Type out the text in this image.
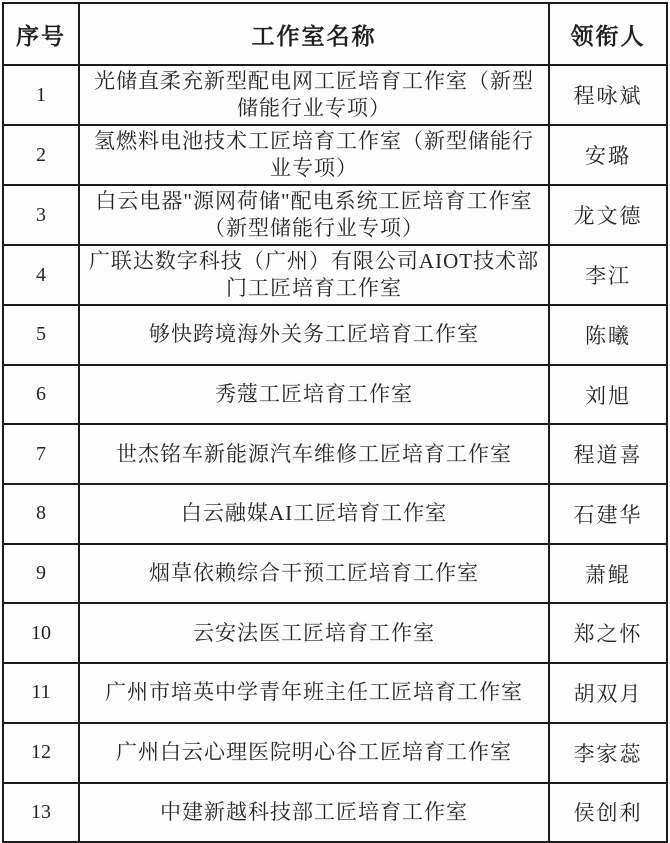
序号	工作室名称	领衔人
1	光储直柔充新型配电网工匠培育工作室（新型储能行业专项）	程咏斌
2	氢燃料电池技术工匠培育工作室（新型储能行业专项）	安璐
3	白云电器"源网荷储"配电系统工匠培育工作室（新型储能行业专项）	龙文德
4	广联达数字科技（广州）有限公司AIOT技术部门工匠培育工作室	李江
5	够快跨境海外关务工匠培育工作室	陈曦
6	秀蔻工匠培育工作室	刘旭
7	世杰铭车新能源汽车维修工匠培育工作室	程道喜
8	白云融媒AI工匠培育工作室	石建华
9	烟草依赖综合干预工匠培育工作室	萧鲲
10	云安法医工匠培育工作室	郑之怀
11	广州市培英中学青年班主任工匠培育工作室	胡双月
12	广州白云心理医院明心谷工匠培育工作室	李家蕊
13	中建新越科技部工匠培育工作室	侯创利
